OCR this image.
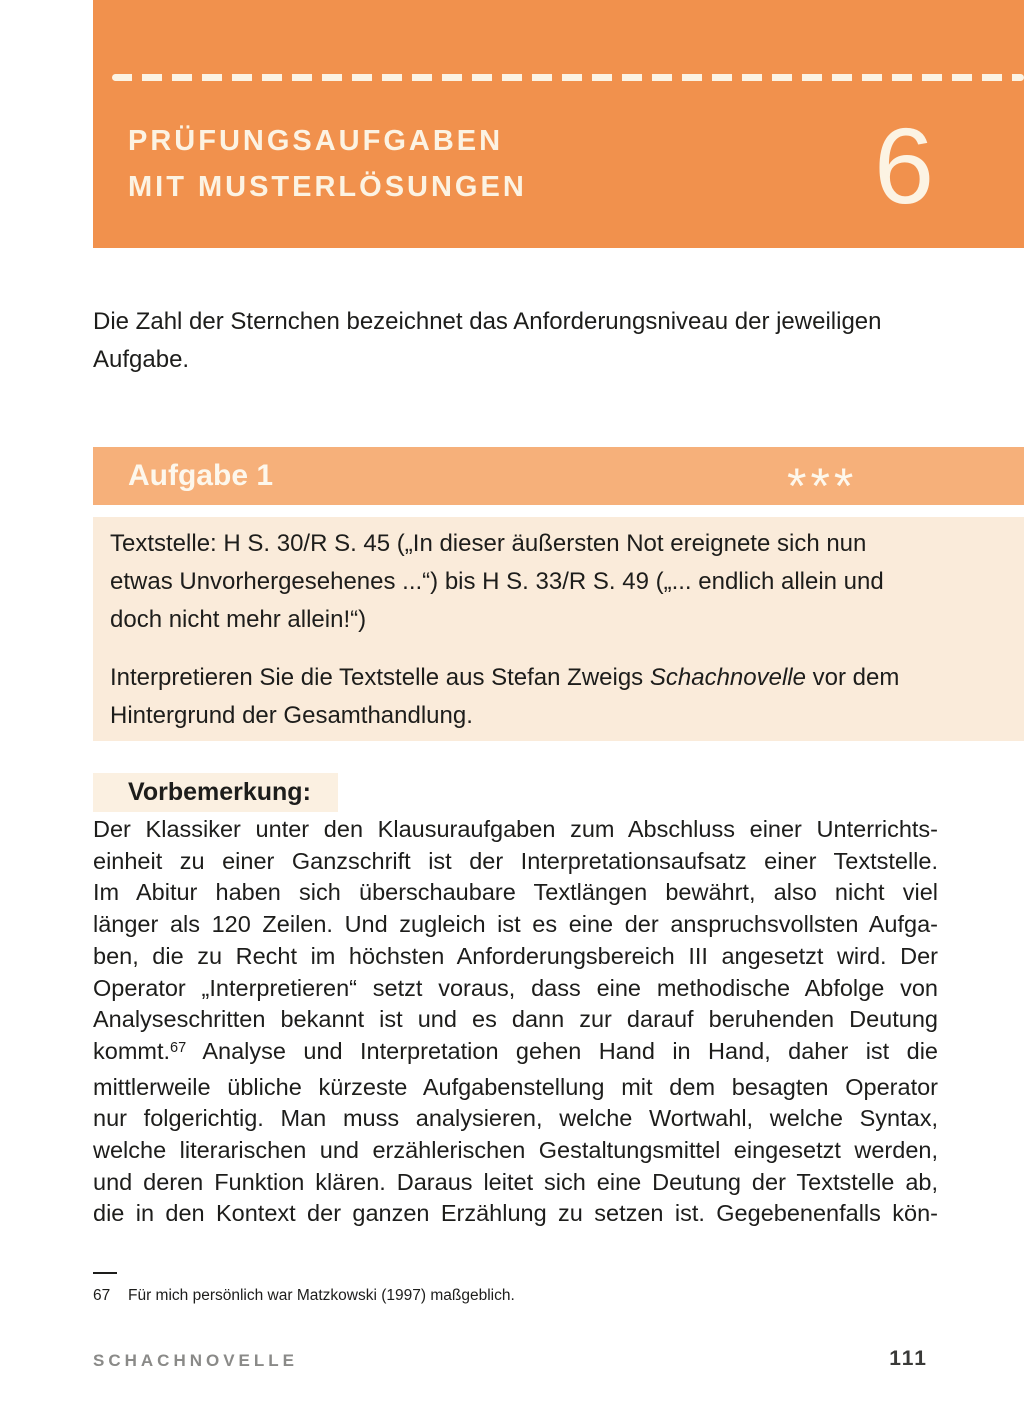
PRÜFUNGSAUFGABEN
MIT MUSTERLÖSUNGEN	6
Die Zahl der Sternchen bezeichnet das Anforderungsniveau der jeweiligen
Aufgabe.
Aufgabe 1	***
Textstelle: H S. 30/R S. 45 („In dieser äußersten Not ereignete sich nun
etwas Unvorhergesehenes ...“) bis H S. 33/R S. 49 („... endlich allein und
doch nicht mehr allein!“)
Interpretieren Sie die Textstelle aus Stefan Zweigs Schachnovelle vor dem
Hintergrund der Gesamthandlung.
Vorbemerkung:
Der Klassiker unter den Klausuraufgaben zum Abschluss einer Unterrichts-
einheit zu einer Ganzschrift ist der Interpretationsaufsatz einer Textstelle.
Im Abitur haben sich überschaubare Textlängen bewährt, also nicht viel
länger als 120 Zeilen. Und zugleich ist es eine der anspruchsvollsten Aufga-
ben, die zu Recht im höchsten Anforderungsbereich III angesetzt wird. Der
Operator „Interpretieren“ setzt voraus, dass eine methodische Abfolge von
Analyseschritten bekannt ist und es dann zur darauf beruhenden Deutung
kommt.$^{67}$ Analyse und Interpretation gehen Hand in Hand, daher ist die
mittlerweile übliche kürzeste Aufgabenstellung mit dem besagten Operator
nur folgerichtig. Man muss analysieren, welche Wortwahl, welche Syntax,
welche literarischen und erzählerischen Gestaltungsmittel eingesetzt werden,
und deren Funktion klären. Daraus leitet sich eine Deutung der Textstelle ab,
die in den Kontext der ganzen Erzählung zu setzen ist. Gegebenenfalls kön-
67	Für mich persönlich war Matzkowski (1997) maßgeblich.
SCHACHNOVELLE	111
